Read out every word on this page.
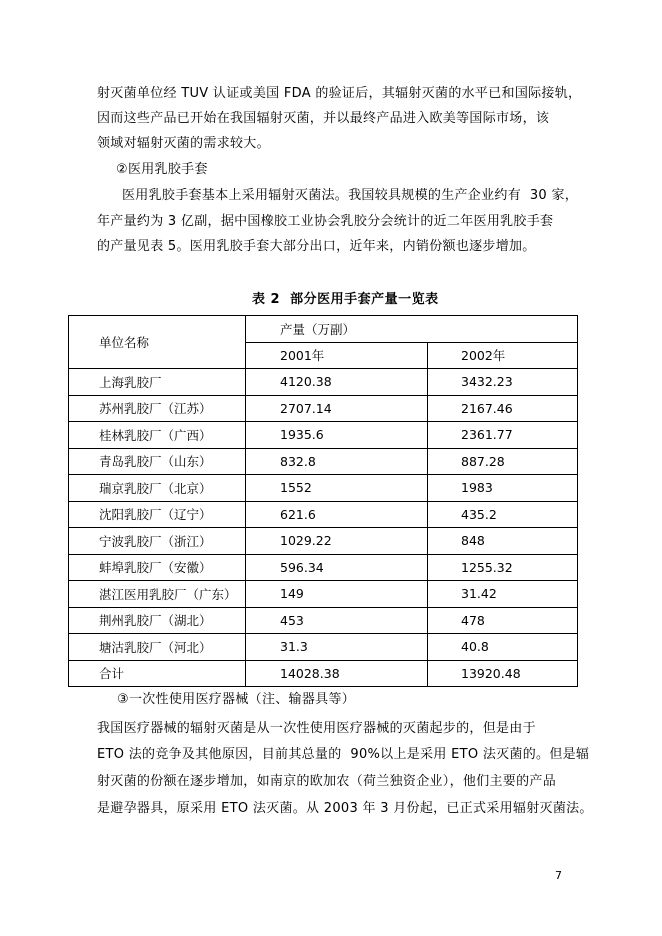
射灭菌单位经 TUV 认证或美国 FDA 的验证后，其辐射灭菌的水平已和国际接轨，
因而这些产品已开始在我国辐射灭菌，并以最终产品进入欧美等国际市场，该
领域对辐射灭菌的需求较大。
②医用乳胶手套
医用乳胶手套基本上采用辐射灭菌法。我国较具规模的生产企业约有  30 家，
年产量约为 3 亿副，据中国橡胶工业协会乳胶分会统计的近二年医用乳胶手套
的产量见表 5。医用乳胶手套大部分出口，近年来，内销份额也逐步增加。
表 2  部分医用手套产量一览表
单位名称	产量（万副）	
	2001年	2002年
上海乳胶厂	4120.38	3432.23
苏州乳胶厂（江苏）	2707.14	2167.46
桂林乳胶厂（广西）	1935.6	2361.77
青岛乳胶厂（山东）	832.8	887.28
瑞京乳胶厂（北京）	1552	1983
沈阳乳胶厂（辽宁）	621.6	435.2
宁波乳胶厂（浙江）	1029.22	848
蚌埠乳胶厂（安徽）	596.34	1255.32
湛江医用乳胶厂（广东）	149	31.42
荆州乳胶厂（湖北）	453	478
塘沽乳胶厂（河北）	31.3	40.8
合计	14028.38	13920.48
③一次性使用医疗器械（注、输器具等）
我国医疗器械的辐射灭菌是从一次性使用医疗器械的灭菌起步的，但是由于
ETO 法的竞争及其他原因，目前其总量的  90%以上是采用 ETO 法灭菌的。但是辐
射灭菌的份额在逐步增加，如南京的欧加农（荷兰独资企业），他们主要的产品
是避孕器具，原采用 ETO 法灭菌。从 2003 年 3 月份起，已正式采用辐射灭菌法。
7
